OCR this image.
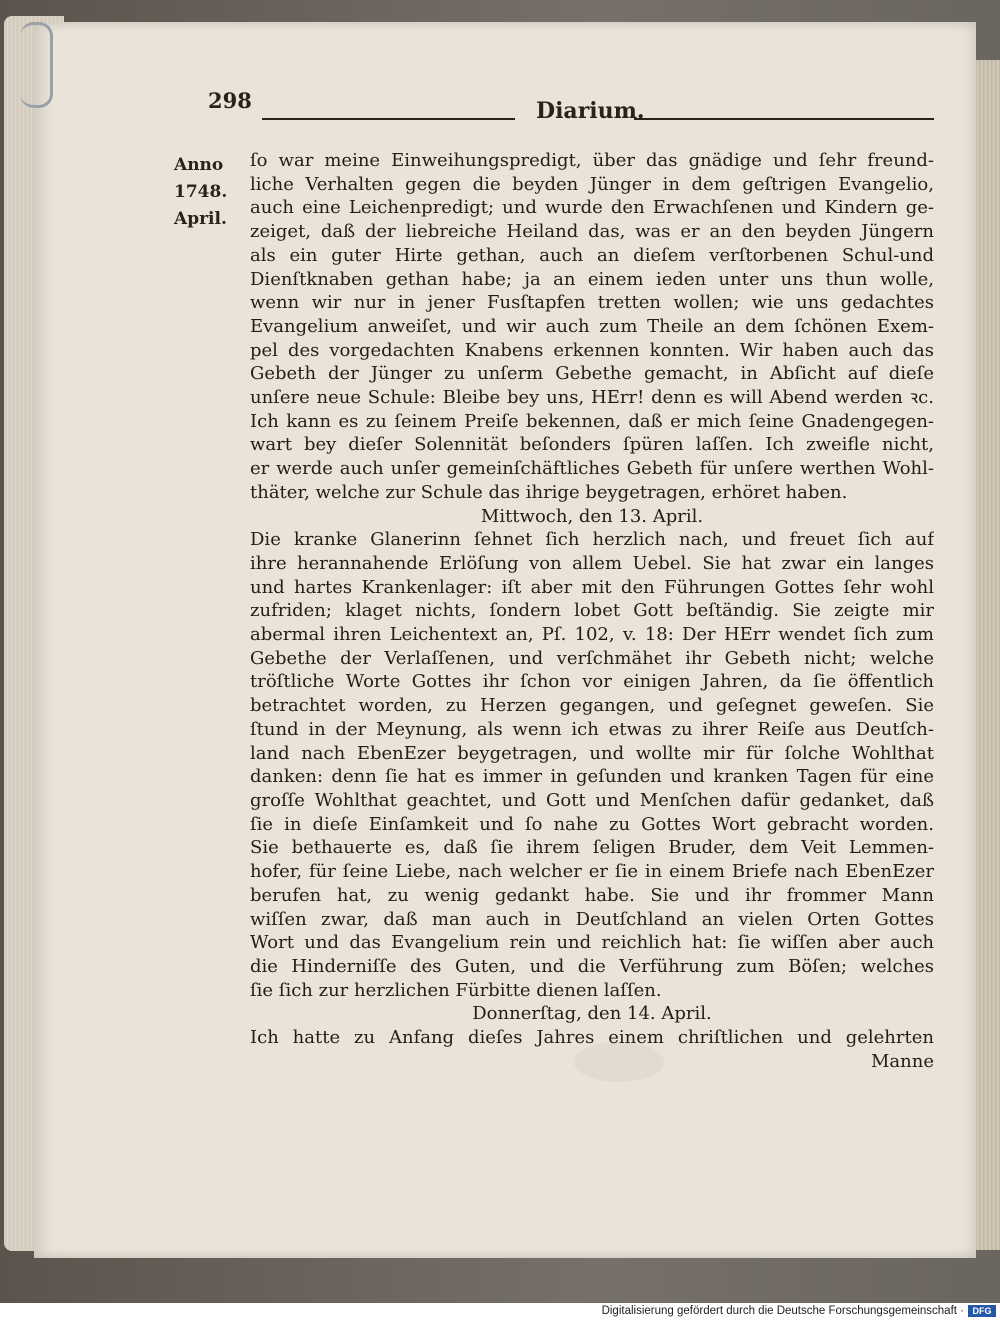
298	Diarium.
Anno
1748.
April.
ſo war meine Einweihungspredigt, über das gnädige und ſehr freund-
liche Verhalten gegen die beyden Jünger in dem geſtrigen Evangelio,
auch eine Leichenpredigt; und wurde den Erwachſenen und Kindern ge-
zeiget, daß der liebreiche Heiland das, was er an den beyden Jüngern
als ein guter Hirte gethan, auch an dieſem verſtorbenen Schul-und
Dienſtknaben gethan habe; ja an einem ieden unter uns thun wolle,
wenn wir nur in jener Fusſtapfen tretten wollen; wie uns gedachtes
Evangelium anweiſet, und wir auch zum Theile an dem ſchönen Exem-
pel des vorgedachten Knabens erkennen konnten. Wir haben auch das
Gebeth der Jünger zu unſerm Gebethe gemacht, in Abſicht auf dieſe
unſere neue Schule: Bleibe bey uns, HErr! denn es will Abend werden ꝛc.
Ich kann es zu ſeinem Preiſe bekennen, daß er mich ſeine Gnadengegen-
wart bey dieſer Solennität beſonders ſpüren laſſen. Ich zweifle nicht,
er werde auch unſer gemeinſchäftliches Gebeth für unſere werthen Wohl-
thäter, welche zur Schule das ihrige beygetragen, erhöret haben.
Mittwoch, den 13. April.
Die kranke Glanerinn ſehnet ſich herzlich nach, und freuet ſich auf
ihre herannahende Erlöſung von allem Uebel. Sie hat zwar ein langes
und hartes Krankenlager: iſt aber mit den Führungen Gottes ſehr wohl
zufriden; klaget nichts, ſondern lobet Gott beſtändig. Sie zeigte mir
abermal ihren Leichentext an, Pſ. 102, v. 18: Der HErr wendet ſich zum
Gebethe der Verlaſſenen, und verſchmähet ihr Gebeth nicht; welche
tröſtliche Worte Gottes ihr ſchon vor einigen Jahren, da ſie öffentlich
betrachtet worden, zu Herzen gegangen, und geſegnet geweſen. Sie
ſtund in der Meynung, als wenn ich etwas zu ihrer Reiſe aus Deutſch-
land nach EbenEzer beygetragen, und wollte mir für ſolche Wohlthat
danken: denn ſie hat es immer in geſunden und kranken Tagen für eine
groſſe Wohlthat geachtet, und Gott und Menſchen dafür gedanket, daß
ſie in dieſe Einſamkeit und ſo nahe zu Gottes Wort gebracht worden.
Sie bethauerte es, daß ſie ihrem ſeligen Bruder, dem Veit Lemmen-
hofer, für ſeine Liebe, nach welcher er ſie in einem Briefe nach EbenEzer
berufen hat, zu wenig gedankt habe. Sie und ihr frommer Mann
wiſſen zwar, daß man auch in Deutſchland an vielen Orten Gottes
Wort und das Evangelium rein und reichlich hat: ſie wiſſen aber auch
die Hinderniſſe des Guten, und die Verführung zum Böſen; welches
ſie ſich zur herzlichen Fürbitte dienen laſſen.
Donnerſtag, den 14. April.
Ich hatte zu Anfang dieſes Jahres einem chriſtlichen und gelehrten
Manne
Digitalisierung gefördert durch die Deutsche Forschungsgemeinschaft · DFG
